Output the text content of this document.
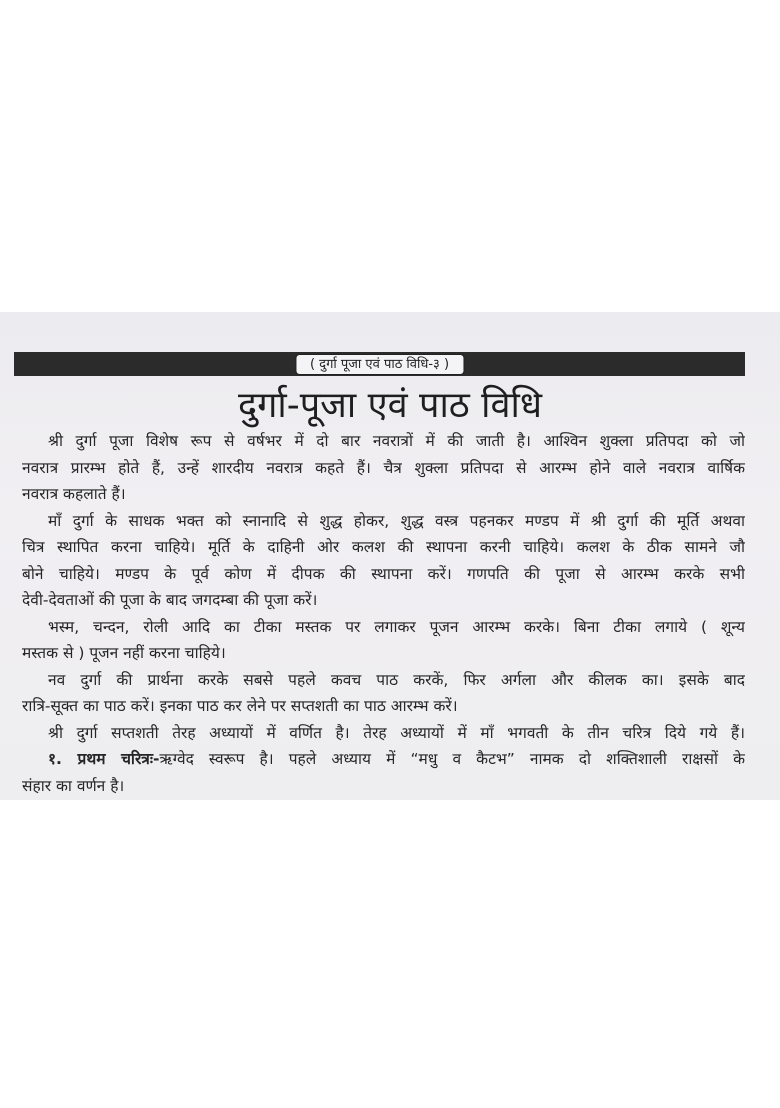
( दुर्गा पूजा एवं पाठ विधि-३ )
दुर्गा-पूजा एवं पाठ विधि
श्री दुर्गा पूजा विशेष रूप से वर्षभर में दो बार नवरात्रों में की जाती है। आश्विन शुक्ला प्रतिपदा को जो
नवरात्र प्रारम्भ होते हैं, उन्हें शारदीय नवरात्र कहते हैं। चैत्र शुक्ला प्रतिपदा से आरम्भ होने वाले नवरात्र वार्षिक
नवरात्र कहलाते हैं।
माँ दुर्गा के साधक भक्त को स्नानादि से शुद्ध होकर, शुद्ध वस्त्र पहनकर मण्डप में श्री दुर्गा की मूर्ति अथवा
चित्र स्थापित करना चाहिये। मूर्ति के दाहिनी ओर कलश की स्थापना करनी चाहिये। कलश के ठीक सामने जौ
बोने चाहिये। मण्डप के पूर्व कोण में दीपक की स्थापना करें। गणपति की पूजा से आरम्भ करके सभी
देवी-देवताओं की पूजा के बाद जगदम्बा की पूजा करें।
भस्म, चन्दन, रोली आदि का टीका मस्तक पर लगाकर पूजन आरम्भ करके। बिना टीका लगाये ( शून्य
मस्तक से ) पूजन नहीं करना चाहिये।
नव दुर्गा की प्रार्थना करके सबसे पहले कवच पाठ करकें, फिर अर्गला और कीलक का। इसके बाद
रात्रि-सूक्त का पाठ करें। इनका पाठ कर लेने पर सप्तशती का पाठ आरम्भ करें।
श्री दुर्गा सप्तशती तेरह अध्यायों में वर्णित है। तेरह अध्यायों में माँ भगवती के तीन चरित्र दिये गये हैं।
१. प्रथम चरित्रः-ऋग्वेद स्वरूप है। पहले अध्याय में “मधु व कैटभ” नामक दो शक्तिशाली राक्षसों के
संहार का वर्णन है।
